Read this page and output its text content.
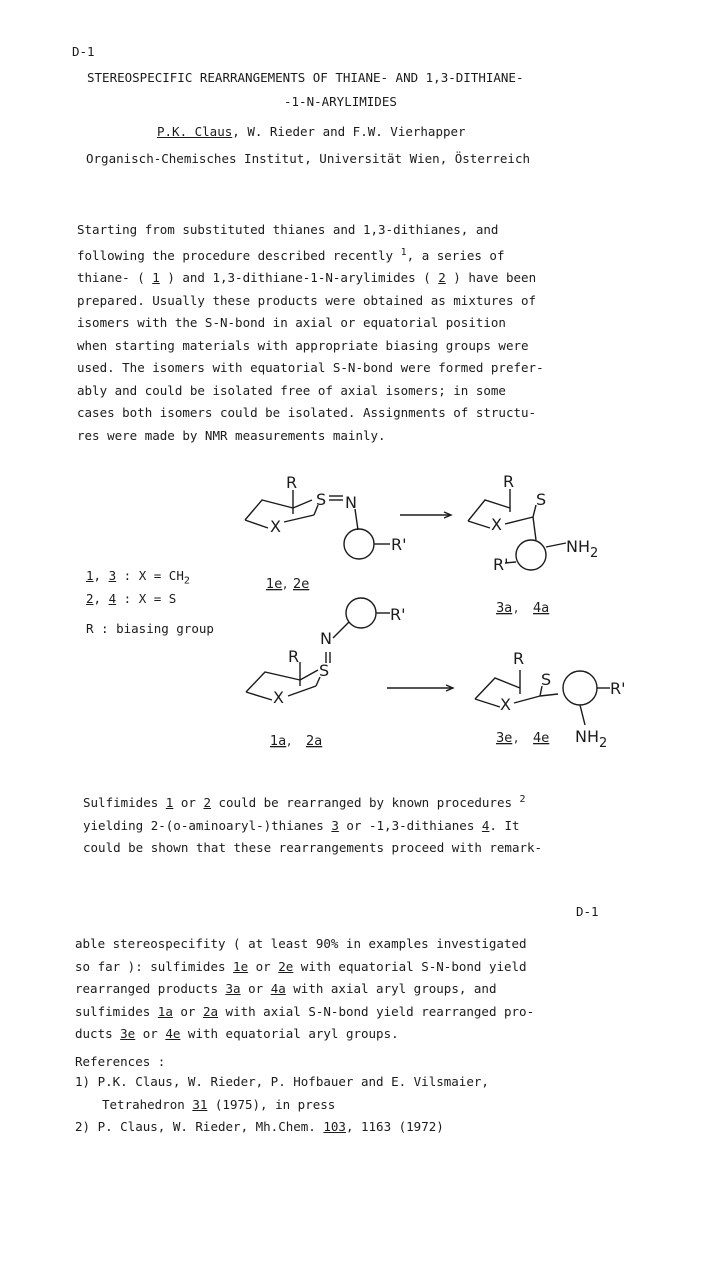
D-1
STEREOSPECIFIC REARRANGEMENTS OF THIANE- AND 1,3-DITHIANE-
-1-N-ARYLIMIDES
P.K. Claus, W. Rieder and F.W. Vierhapper
Organisch-Chemisches Institut, Universität Wien, Österreich
Starting from substituted thianes and 1,3-dithianes, and
following the procedure described recently $^1$, a series of
thiane- ( 1 ) and 1,3-dithiane-1-N-arylimides ( 2 ) have been
prepared. Usually these products were obtained as mixtures of
isomers with the S-N-bond in axial or equatorial position
when starting materials with appropriate biasing groups were
used. The isomers with equatorial S-N-bond were formed prefer-
ably and could be isolated free of axial isomers; in some
cases both isomers could be isolated. Assignments of structu-
res were made by NMR measurements mainly.
1, 3 : $X = CH_2$
2, 4 : X = S
R : biasing group
R
S N
X
R'
R
S
X
$NH_2$
R'
R'
N
S
R
X
R
S
X
R'
$NH_2$
1e , 2e
3a , 4a
1a , 2a	3e , 4e
Sulfimides 1 or 2 could be rearranged by known procedures $^2$
yielding 2-(o-aminoaryl-)thianes 3 or -1,3-dithianes 4. It
could be shown that these rearrangements proceed with remark-
D-1
able stereospecifity ( at least 90% in examples investigated
so far ): sulfimides 1e or 2e with equatorial S-N-bond yield
rearranged products 3a or 4a with axial aryl groups, and
sulfimides 1a or 2a with axial S-N-bond yield rearranged pro-
ducts 3e or 4e with equatorial aryl groups.
References :
1) P.K. Claus, W. Rieder, P. Hofbauer and E. Vilsmaier,
Tetrahedron 31 (1975), in press
2) P. Claus, W. Rieder, Mh.Chem. 103, 1163 (1972)
